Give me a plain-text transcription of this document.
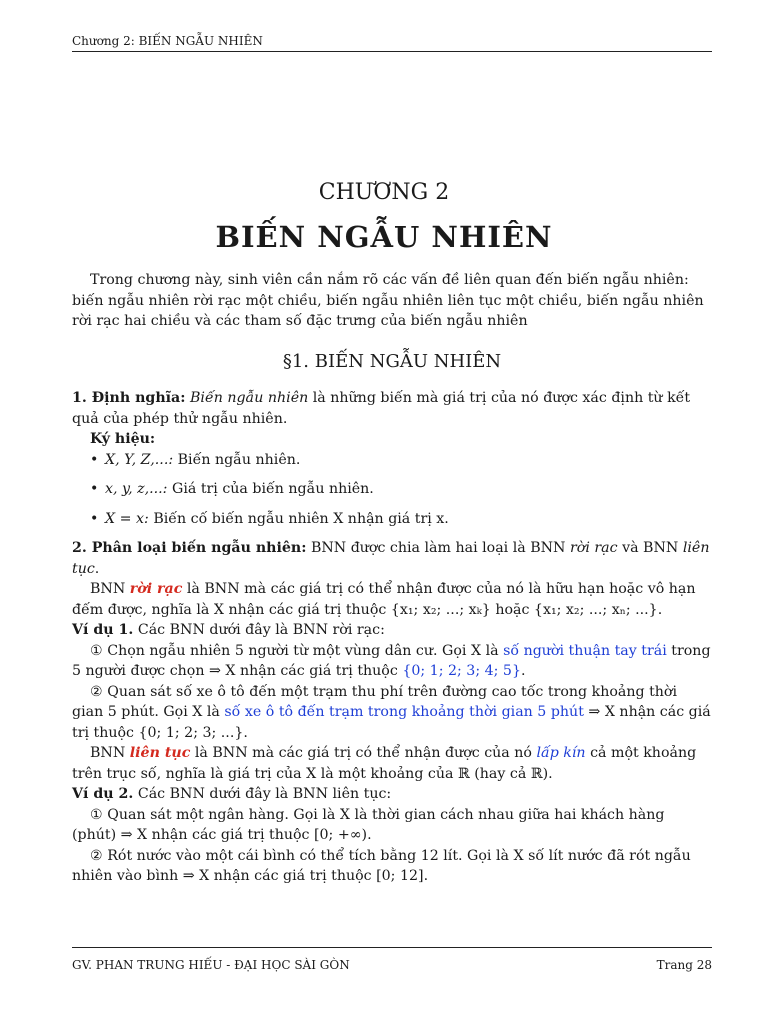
Chương 2: BIẾN NGẪU NHIÊN
CHƯƠNG 2
BIẾN NGẪU NHIÊN

Trong chương này, sinh viên cần nắm rõ các vấn đề liên quan đến biến ngẫu nhiên: biến ngẫu nhiên rời rạc một chiều, biến ngẫu nhiên liên tục một chiều, biến ngẫu nhiên rời rạc hai chiều và các tham số đặc trưng của biến ngẫu nhiên

§1. BIẾN NGẪU NHIÊN

1. Định nghĩa: Biến ngẫu nhiên là những biến mà giá trị của nó được xác định từ kết quả của phép thử ngẫu nhiên.

Ký hiệu:

• X, Y, Z,...: Biến ngẫu nhiên.
• x, y, z,...: Giá trị của biến ngẫu nhiên.
• X = x: Biến cố biến ngẫu nhiên X nhận giá trị x.

2. Phân loại biến ngẫu nhiên: BNN được chia làm hai loại là BNN rời rạc và BNN liên tục.

BNN rời rạc là BNN mà các giá trị có thể nhận được của nó là hữu hạn hoặc vô hạn đếm được, nghĩa là X nhận các giá trị thuộc {x₁; x₂; ...; xₖ} hoặc {x₁; x₂; ...; xₙ; ...}.

Ví dụ 1. Các BNN dưới đây là BNN rời rạc:

① Chọn ngẫu nhiên 5 người từ một vùng dân cư. Gọi X là số người thuận tay trái trong 5 người được chọn ⇒ X nhận các giá trị thuộc {0; 1; 2; 3; 4; 5}.

② Quan sát số xe ô tô đến một trạm thu phí trên đường cao tốc trong khoảng thời gian 5 phút. Gọi X là số xe ô tô đến trạm trong khoảng thời gian 5 phút ⇒ X nhận các giá trị thuộc {0; 1; 2; 3; ...}.

BNN liên tục là BNN mà các giá trị có thể nhận được của nó lấp kín cả một khoảng trên trục số, nghĩa là giá trị của X là một khoảng của ℝ (hay cả ℝ).

Ví dụ 2. Các BNN dưới đây là BNN liên tục:

① Quan sát một ngân hàng. Gọi là X là thời gian cách nhau giữa hai khách hàng (phút) ⇒ X nhận các giá trị thuộc [0; +∞).

② Rót nước vào một cái bình có thể tích bằng 12 lít. Gọi là X số lít nước đã rót ngẫu nhiên vào bình ⇒ X nhận các giá trị thuộc [0; 12].

GV. PHAN TRUNG HIẾU - ĐẠI HỌC SÀI GÒN	Trang 28
